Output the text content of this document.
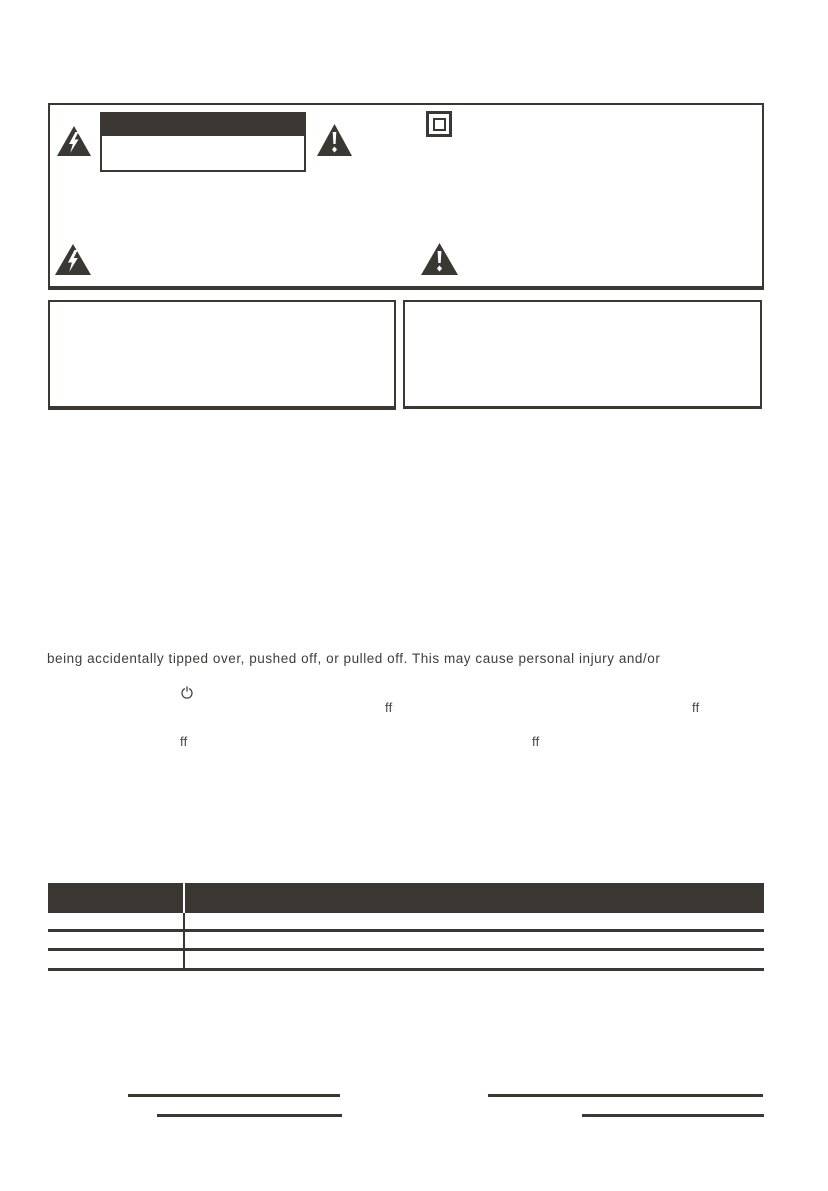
being accidentally tipped over, pushed off, or pulled off. This may cause personal injury and/or
ff	ff
ff	ff
